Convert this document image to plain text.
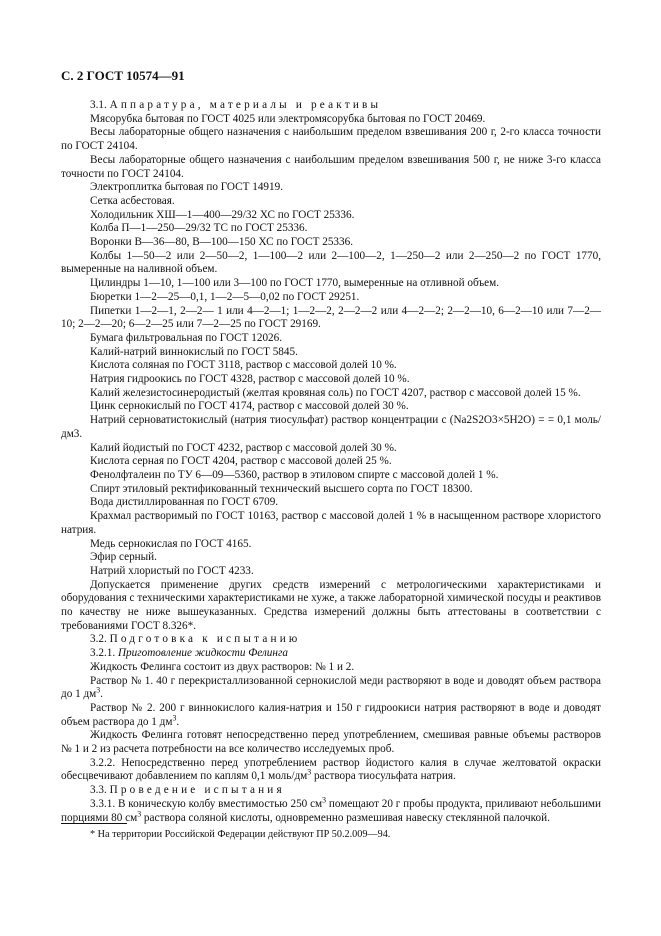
С. 2 ГОСТ 10574—91

3.1. Аппаратура, материалы и реактивы

Мясорубка бытовая по ГОСТ 4025 или электромясорубка бытовая по ГОСТ 20469.

Весы лабораторные общего назначения с наибольшим пределом взвешивания 200 г, 2-го класса точности по ГОСТ 24104.

Весы лабораторные общего назначения с наибольшим пределом взвешивания 500 г, не ниже 3-го класса точности по ГОСТ 24104.

Электроплитка бытовая по ГОСТ 14919.

Сетка асбестовая.

Холодильник ХШ—1—400—29/32 ХС по ГОСТ 25336.

Колба П—1—250—29/32 ТС по ГОСТ 25336.

Воронки В—36—80, В—100—150 ХС по ГОСТ 25336.

Колбы 1—50—2 или 2—50—2, 1—100—2 или 2—100—2, 1—250—2 или 2—250—2 по ГОСТ 1770, вымеренные на наливной объем.

Цилиндры 1—10, 1—100 или 3—100 по ГОСТ 1770, вымеренные на отливной объем.

Бюретки 1—2—25—0,1, 1—2—5—0,02 по ГОСТ 29251.

Пипетки 1—2—1, 2—2— 1 или 4—2—1; 1—2—2, 2—2—2 или 4—2—2; 2—2—10, 6—2—10 или 7—2—10; 2—2—20; 6—2—25 или 7—2—25 по ГОСТ 29169.

Бумага фильтровальная по ГОСТ 12026.

Калий-натрий виннокислый по ГОСТ 5845.

Кислота соляная по ГОСТ 3118, раствор с массовой долей 10 %.

Натрия гидроокись по ГОСТ 4328, раствор с массовой долей 10 %.

Калий железистосинеродистый (желтая кровяная соль) по ГОСТ 4207, раствор с массовой долей 15 %.

Цинк сернокислый по ГОСТ 4174, раствор с массовой долей 30 %.

Натрий серноватистокислый (натрия тиосульфат) раствор концентрации с (Na2S2O3×5H2O) = = 0,1 моль/дм3.

Калий йодистый по ГОСТ 4232, раствор с массовой долей 30 %.

Кислота серная по ГОСТ 4204, раствор с массовой долей 25 %.

Фенолфталеин по ТУ 6—09—5360, раствор в этиловом спирте с массовой долей 1 %.

Спирт этиловый ректификованный технический высшего сорта по ГОСТ 18300.

Вода дистиллированная по ГОСТ 6709.

Крахмал растворимый по ГОСТ 10163, раствор с массовой долей 1 % в насыщенном растворе хлористого натрия.

Медь сернокислая по ГОСТ 4165.

Эфир серный.

Натрий хлористый по ГОСТ 4233.

Допускается применение других средств измерений с метрологическими характеристиками и оборудования с техническими характеристиками не хуже, а также лабораторной химической посуды и реактивов по качеству не ниже вышеуказанных. Средства измерений должны быть аттестованы в соответствии с требованиями ГОСТ 8.326*.

3.2. Подготовка к испытанию

3.2.1. Приготовление жидкости Фелинга

Жидкость Фелинга состоит из двух растворов: № 1 и 2.

Раствор № 1. 40 г перекристаллизованной сернокислой меди растворяют в воде и доводят объем раствора до 1 $дм^3$.

Раствор № 2. 200 г виннокислого калия-натрия и 150 г гидроокиси натрия растворяют в воде и доводят объем раствора до 1 $дм^3$.

Жидкость Фелинга готовят непосредственно перед употреблением, смешивая равные объемы растворов № 1 и 2 из расчета потребности на все количество исследуемых проб.

3.2.2. Непосредственно перед употреблением раствор йодистого калия в случае желтоватой окраски обесцвечивают добавлением по каплям 0,1 моль/$дм^3$ раствора тиосульфата натрия.

3.3. Проведение испытания

3.3.1. В коническую колбу вместимостью 250 $см^3$ помещают 20 г пробы продукта, приливают небольшими порциями 80 $см^3$ раствора соляной кислоты, одновременно размешивая навеску стеклянной палочкой.

* На территории Российской Федерации действуют ПР 50.2.009—94.
